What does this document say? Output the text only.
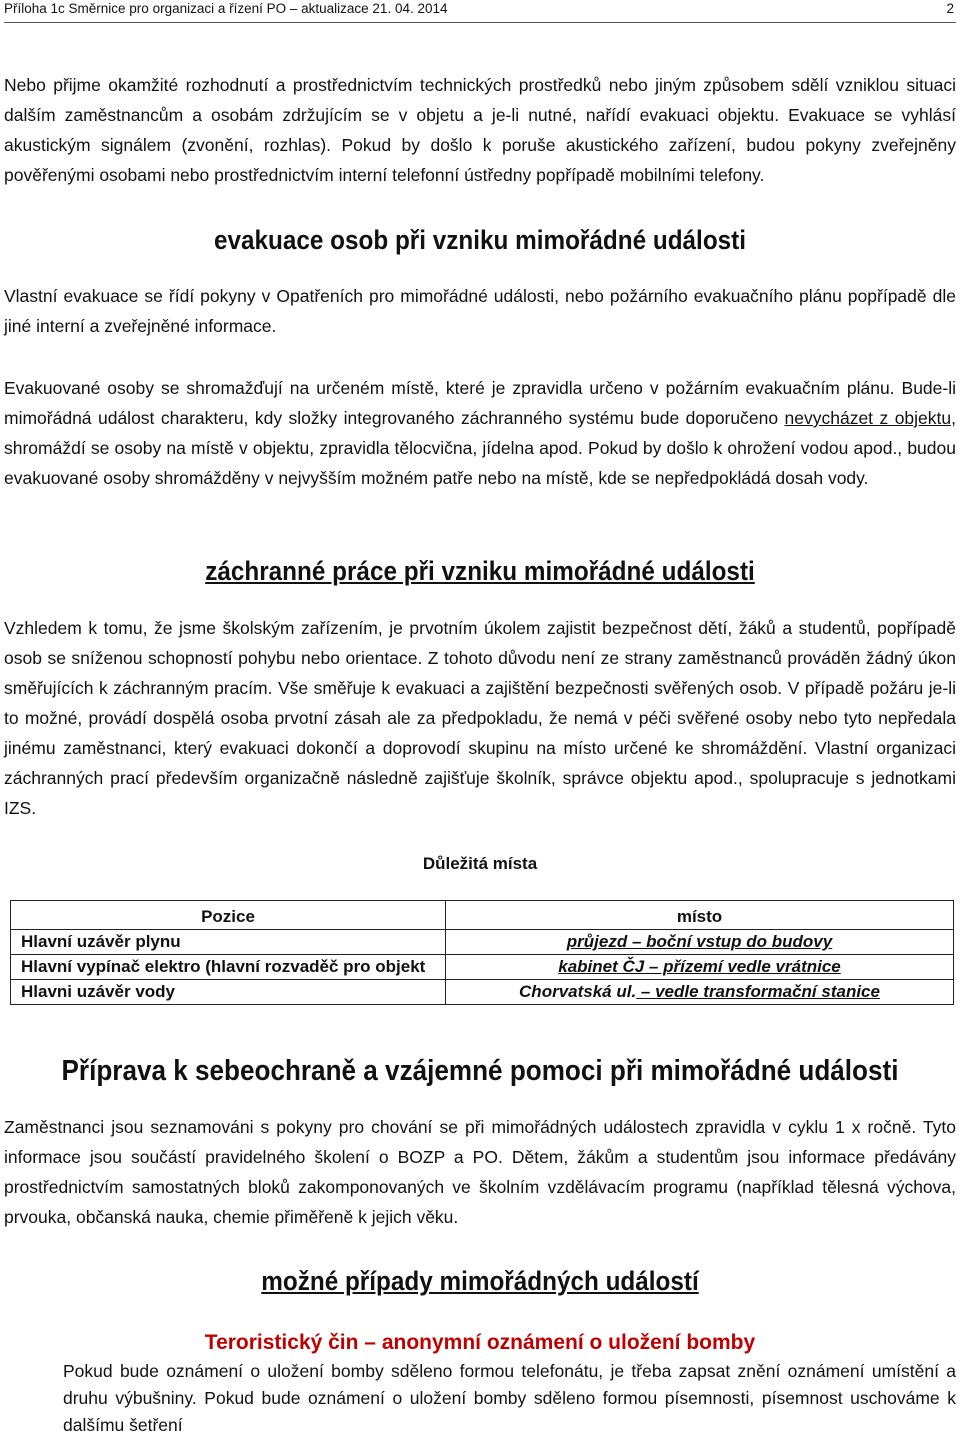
Příloha 1c Směrnice pro organizaci a řízení PO – aktualizace 21. 04. 2014	2

Nebo přijme okamžité rozhodnutí a prostřednictvím technických prostředků nebo jiným způsobem sdělí vzniklou situaci dalším zaměstnancům a osobám zdržujícím se v objetu a je-li nutné, nařídí evakuaci objektu. Evakuace se vyhlásí akustickým signálem (zvonění, rozhlas). Pokud by došlo k poruše akustického zařízení, budou pokyny zveřejněny pověřenými osobami nebo prostřednictvím interní telefonní ústředny popřípadě mobilními telefony.

evakuace osob při vzniku mimořádné události

Vlastní evakuace se řídí pokyny v Opatřeních pro mimořádné události, nebo požárního evakuačního plánu popřípadě dle jiné interní a zveřejněné informace.

Evakuované osoby se shromažďují na určeném místě, které je zpravidla určeno v požárním evakuačním plánu. Bude-li mimořádná událost charakteru, kdy složky integrovaného záchranného systému bude doporučeno nevycházet z objektu, shromáždí se osoby na místě v objektu, zpravidla tělocvična, jídelna apod. Pokud by došlo k ohrožení vodou apod., budou evakuované osoby shromážděny v nejvyšším možném patře nebo na místě, kde se nepředpokládá dosah vody.

záchranné práce při vzniku mimořádné události

Vzhledem k tomu, že jsme školským zařízením, je prvotním úkolem zajistit bezpečnost dětí, žáků a studentů, popřípadě osob se sníženou schopností pohybu nebo orientace. Z tohoto důvodu není ze strany zaměstnanců prováděn žádný úkon směřujících k záchranným pracím. Vše směřuje k evakuaci a zajištění bezpečnosti svěřených osob. V případě požáru je-li to možné, provádí dospělá osoba prvotní zásah ale za předpokladu, že nemá v péči svěřené osoby nebo tyto nepředala jinému zaměstnanci, který evakuaci dokončí a doprovodí skupinu na místo určené ke shromáždění. Vlastní organizaci záchranných prací především organizačně následně zajišťuje školník, správce objektu apod., spolupracuje s jednotkami IZS.

Důležitá místa
Pozice	místo
Hlavní uzávěr plynu	průjezd – boční vstup do budovy
Hlavní vypínač elektro (hlavní rozvaděč pro objekt	kabinet ČJ – přízemí vedle vrátnice
Hlavni uzávěr vody	Chorvatská ul. – vedle transformační stanice
Příprava k sebeochraně a vzájemné pomoci při mimořádné události

Zaměstnanci jsou seznamováni s pokyny pro chování se při mimořádných událostech zpravidla v cyklu 1 x ročně. Tyto informace jsou součástí pravidelného školení o BOZP a PO. Dětem, žákům a studentům jsou informace předávány prostřednictvím samostatných bloků zakomponovaných ve školním vzdělávacím programu (například tělesná výchova, prvouka, občanská nauka, chemie přiměřeně k jejich věku.

možné případy mimořádných událostí
Teroristický čin – anonymní oznámení o uložení bomby

Pokud bude oznámení o uložení bomby sděleno formou telefonátu, je třeba zapsat znění oznámení umístění a druhu výbušniny. Pokud bude oznámení o uložení bomby sděleno formou písemnosti, písemnost uschováme k dalšímu šetření
